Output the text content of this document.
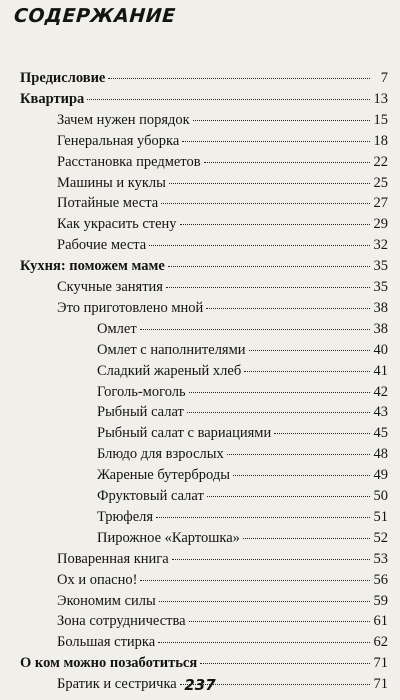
СОДЕРЖАНИЕ
Предисловие	7
Квартира	13
Зачем нужен порядок	15
Генеральная уборка	18
Расстановка предметов	22
Машины и куклы	25
Потайные места	27
Как украсить стену	29
Рабочие места	32
Кухня: поможем маме	35
Скучные занятия	35
Это приготовлено мной	38
Омлет	38
Омлет с наполнителями	40
Сладкий жареный хлеб	41
Гоголь-моголь	42
Рыбный салат	43
Рыбный салат с вариациями	45
Блюдо для взрослых	48
Жареные бутерброды	49
Фруктовый салат	50
Трюфеля	51
Пирожное «Картошка»	52
Поваренная книга	53
Ох и опасно!	56
Экономим силы	59
Зона сотрудничества	61
Большая стирка	62
О ком можно позаботиться	71
Братик и сестричка	71
237
